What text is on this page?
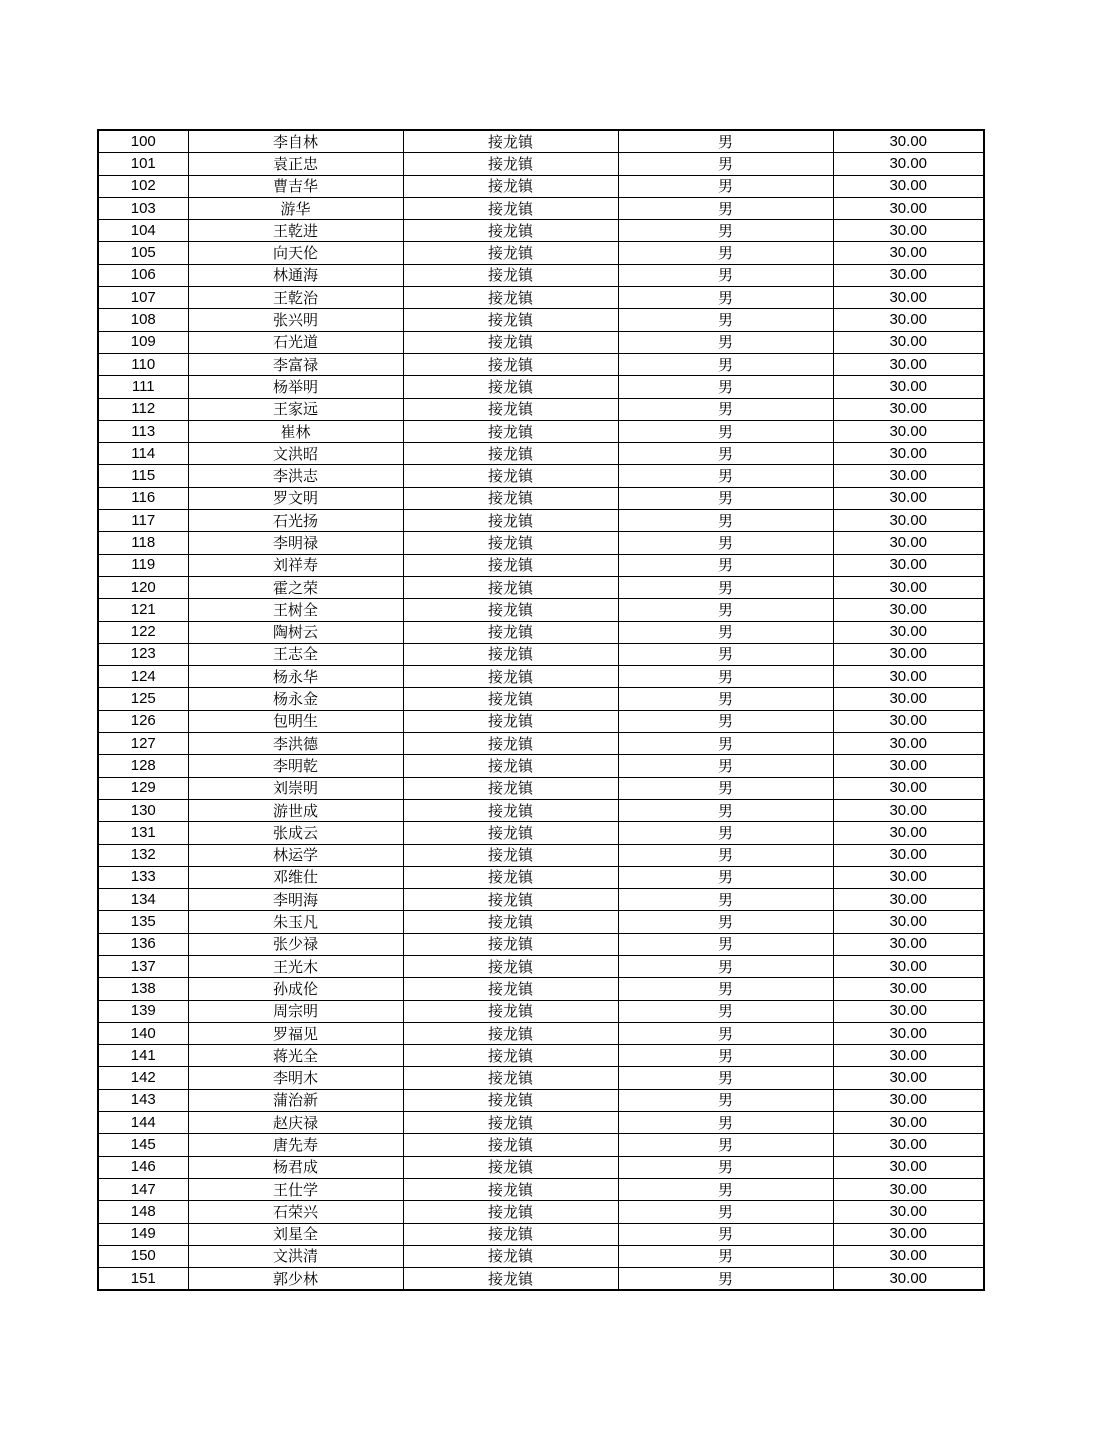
100	李自林	接龙镇	男	30.00
101	袁正忠	接龙镇	男	30.00
102	曹吉华	接龙镇	男	30.00
103	游华	接龙镇	男	30.00
104	王乾进	接龙镇	男	30.00
105	向天伦	接龙镇	男	30.00
106	林通海	接龙镇	男	30.00
107	王乾治	接龙镇	男	30.00
108	张兴明	接龙镇	男	30.00
109	石光道	接龙镇	男	30.00
110	李富禄	接龙镇	男	30.00
111	杨举明	接龙镇	男	30.00
112	王家远	接龙镇	男	30.00
113	崔林	接龙镇	男	30.00
114	文洪昭	接龙镇	男	30.00
115	李洪志	接龙镇	男	30.00
116	罗文明	接龙镇	男	30.00
117	石光扬	接龙镇	男	30.00
118	李明禄	接龙镇	男	30.00
119	刘祥寿	接龙镇	男	30.00
120	霍之荣	接龙镇	男	30.00
121	王树全	接龙镇	男	30.00
122	陶树云	接龙镇	男	30.00
123	王志全	接龙镇	男	30.00
124	杨永华	接龙镇	男	30.00
125	杨永金	接龙镇	男	30.00
126	包明生	接龙镇	男	30.00
127	李洪德	接龙镇	男	30.00
128	李明乾	接龙镇	男	30.00
129	刘崇明	接龙镇	男	30.00
130	游世成	接龙镇	男	30.00
131	张成云	接龙镇	男	30.00
132	林运学	接龙镇	男	30.00
133	邓维仕	接龙镇	男	30.00
134	李明海	接龙镇	男	30.00
135	朱玉凡	接龙镇	男	30.00
136	张少禄	接龙镇	男	30.00
137	王光木	接龙镇	男	30.00
138	孙成伦	接龙镇	男	30.00
139	周宗明	接龙镇	男	30.00
140	罗福见	接龙镇	男	30.00
141	蒋光全	接龙镇	男	30.00
142	李明木	接龙镇	男	30.00
143	蒲治新	接龙镇	男	30.00
144	赵庆禄	接龙镇	男	30.00
145	唐先寿	接龙镇	男	30.00
146	杨君成	接龙镇	男	30.00
147	王仕学	接龙镇	男	30.00
148	石荣兴	接龙镇	男	30.00
149	刘星全	接龙镇	男	30.00
150	文洪清	接龙镇	男	30.00
151	郭少林	接龙镇	男	30.00
